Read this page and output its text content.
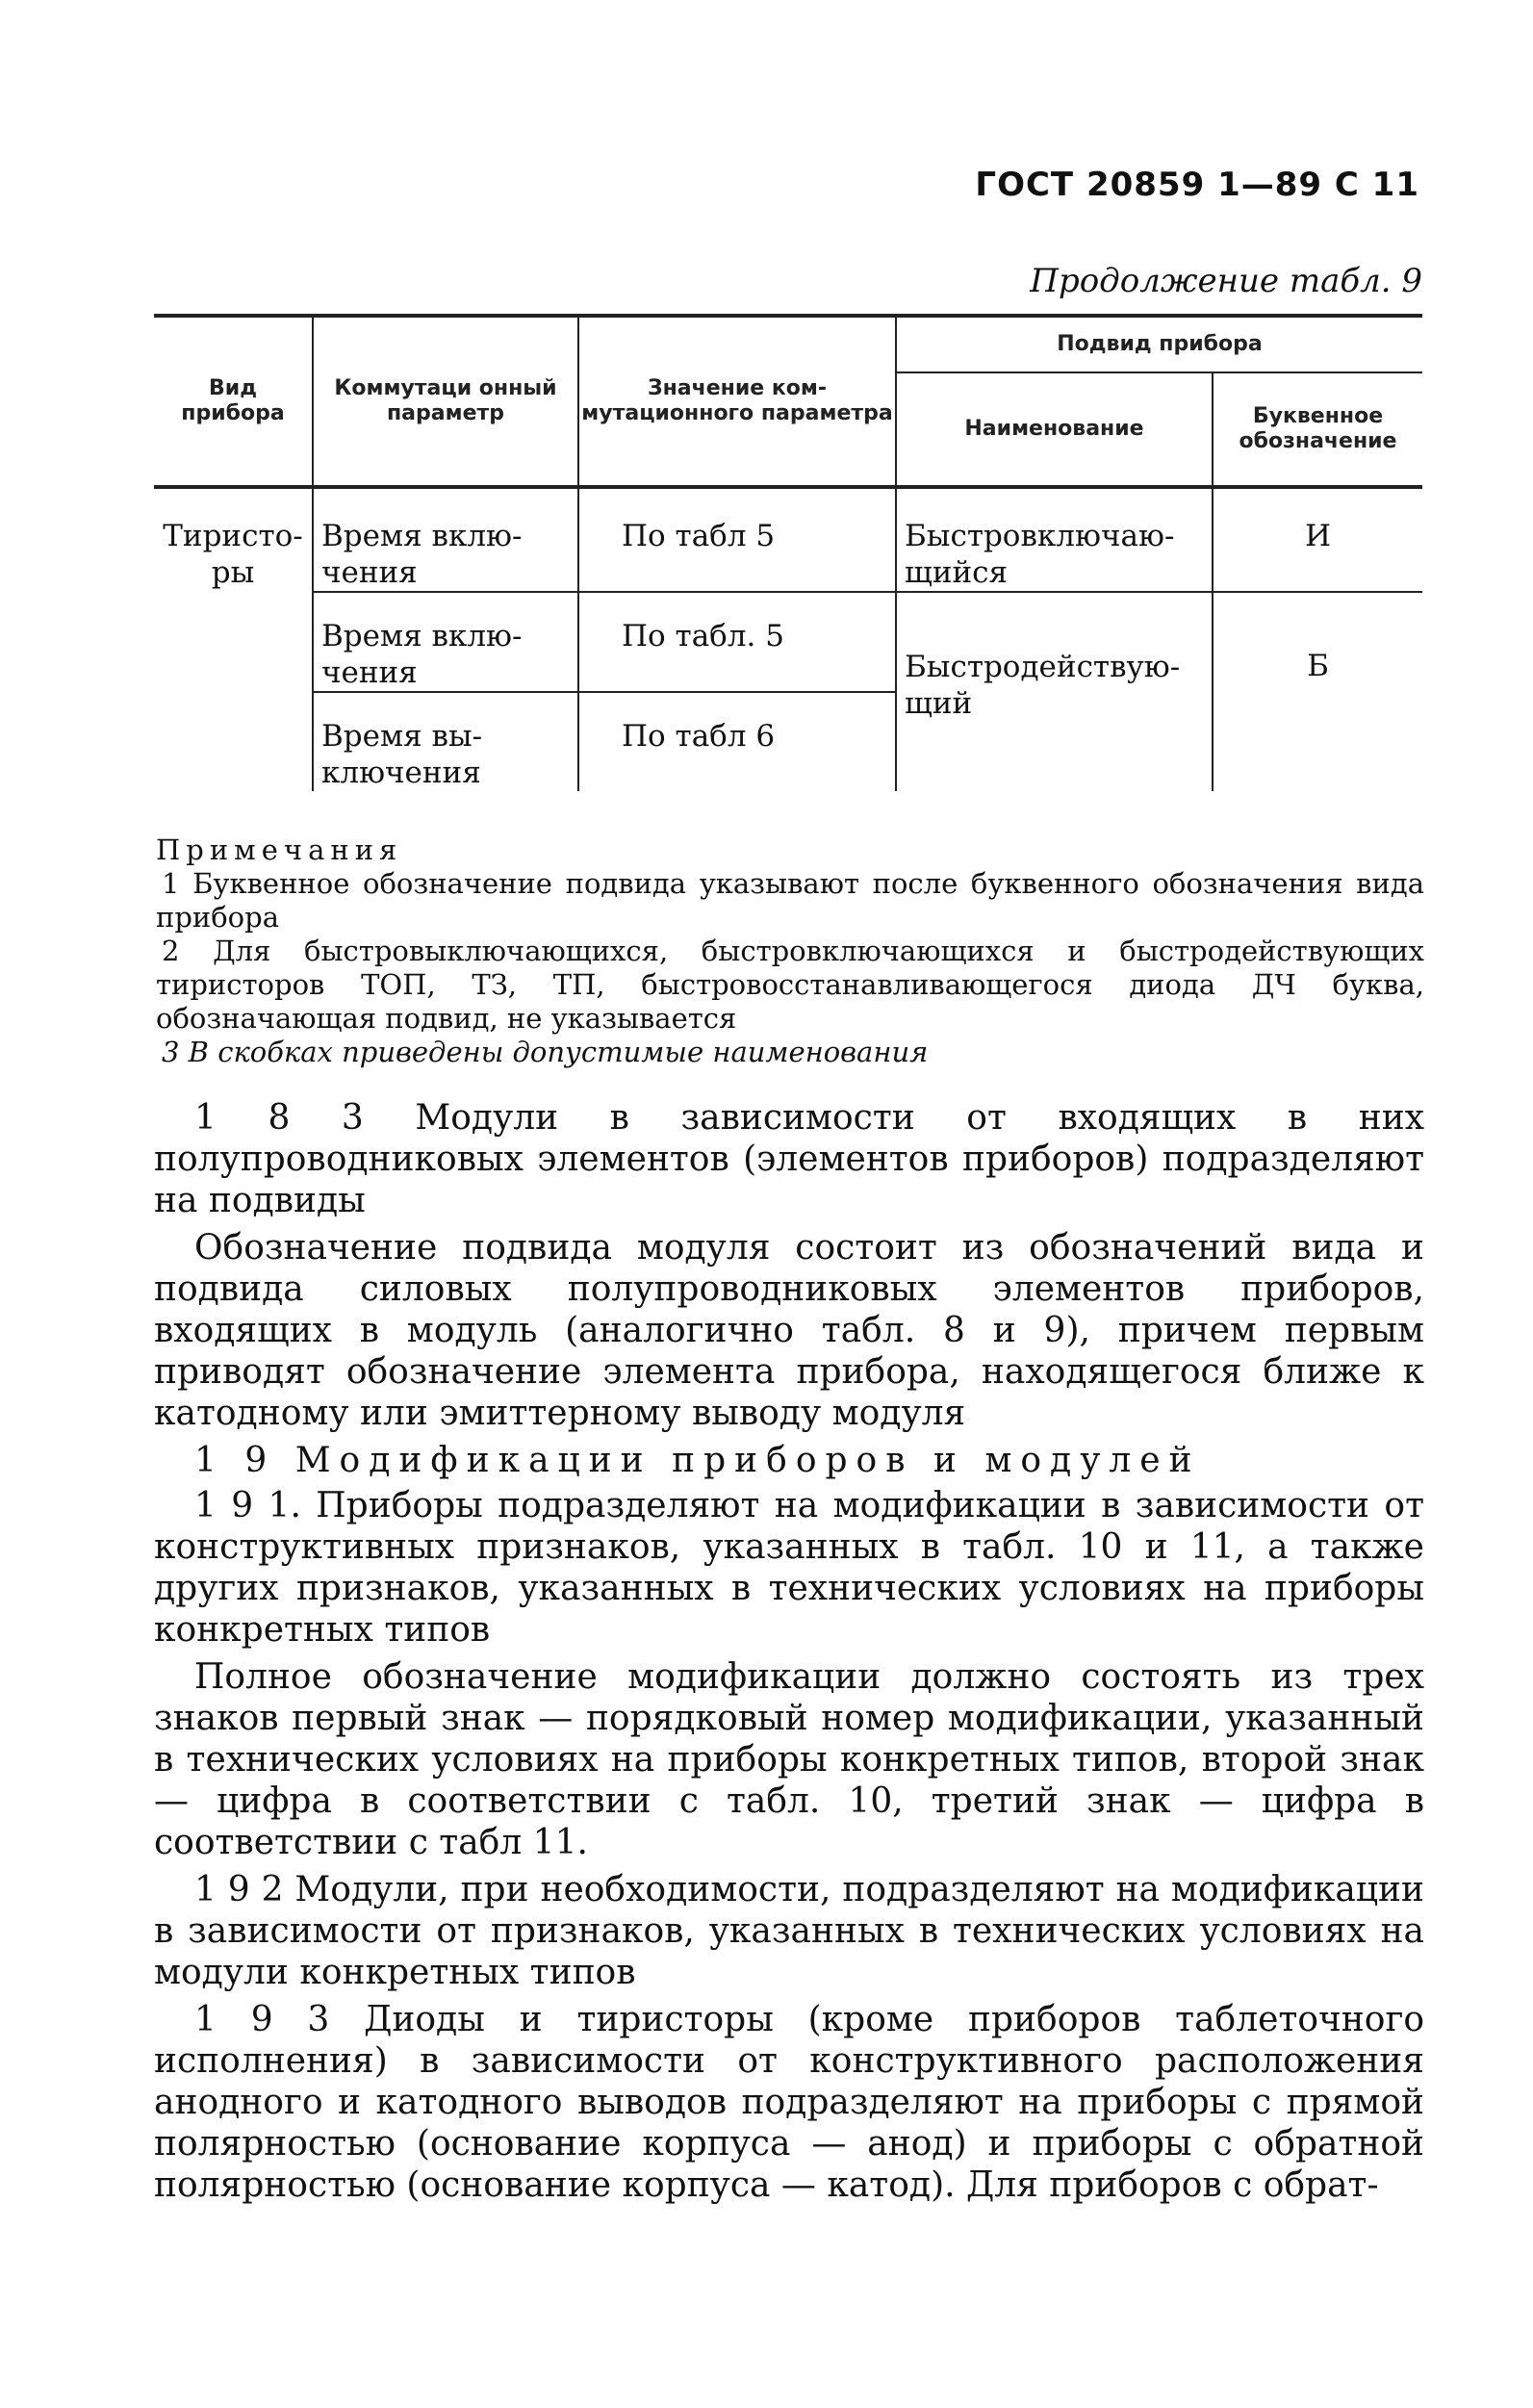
ГОСТ 20859 1—89 С 11
Продолжение табл. 9
Вид прибора	Коммутаци онный параметр	Значение ком- мутационного параметра	Подвид прибора	
			Наименование	Буквенное обозначение
Тиристо- ры	Время вклю- чения	По табл 5	Быстровключаю- щийся	И
	Время вклю- чения	По табл. 5	Быстродействую- щий	Б
	Время вы- ключения	По табл 6		

Примечания

1 Буквенное обозначение подвида указывают после буквенного обозначения вида прибора

2 Для быстровыключающихся, быстровключающихся и быстродействующих тиристоров ТОП, ТЗ, ТП, быстровосстанавливающегося диода ДЧ буква, обозначающая подвид, не указывается

3 В скобках приведены допустимые наименования

1 8 3 Модули в зависимости от входящих в них полупроводниковых элементов (элементов приборов) подразделяют на подвиды

Обозначение подвида модуля состоит из обозначений вида и подвида силовых полупроводниковых элементов приборов, входящих в модуль (аналогично табл. 8 и 9), причем первым приводят обозначение элемента прибора, находящегося ближе к катодному или эмиттерному выводу модуля

1 9 Модификации приборов и модулей

1 9 1. Приборы подразделяют на модификации в зависимости от конструктивных признаков, указанных в табл. 10 и 11, а также других признаков, указанных в технических условиях на приборы конкретных типов

Полное обозначение модификации должно состоять из трех знаков первый знак — порядковый номер модификации, указанный в технических условиях на приборы конкретных типов, второй знак — цифра в соответствии с табл. 10, третий знак — цифра в соответствии с табл 11.

1 9 2 Модули, при необходимости, подразделяют на модификации в зависимости от признаков, указанных в технических условиях на модули конкретных типов

1 9 3 Диоды и тиристоры (кроме приборов таблеточного исполнения) в зависимости от конструктивного расположения анодного и катодного выводов подразделяют на приборы с прямой полярностью (основание корпуса — анод) и приборы с обратной полярностью (основание корпуса — катод). Для приборов с обрат-
